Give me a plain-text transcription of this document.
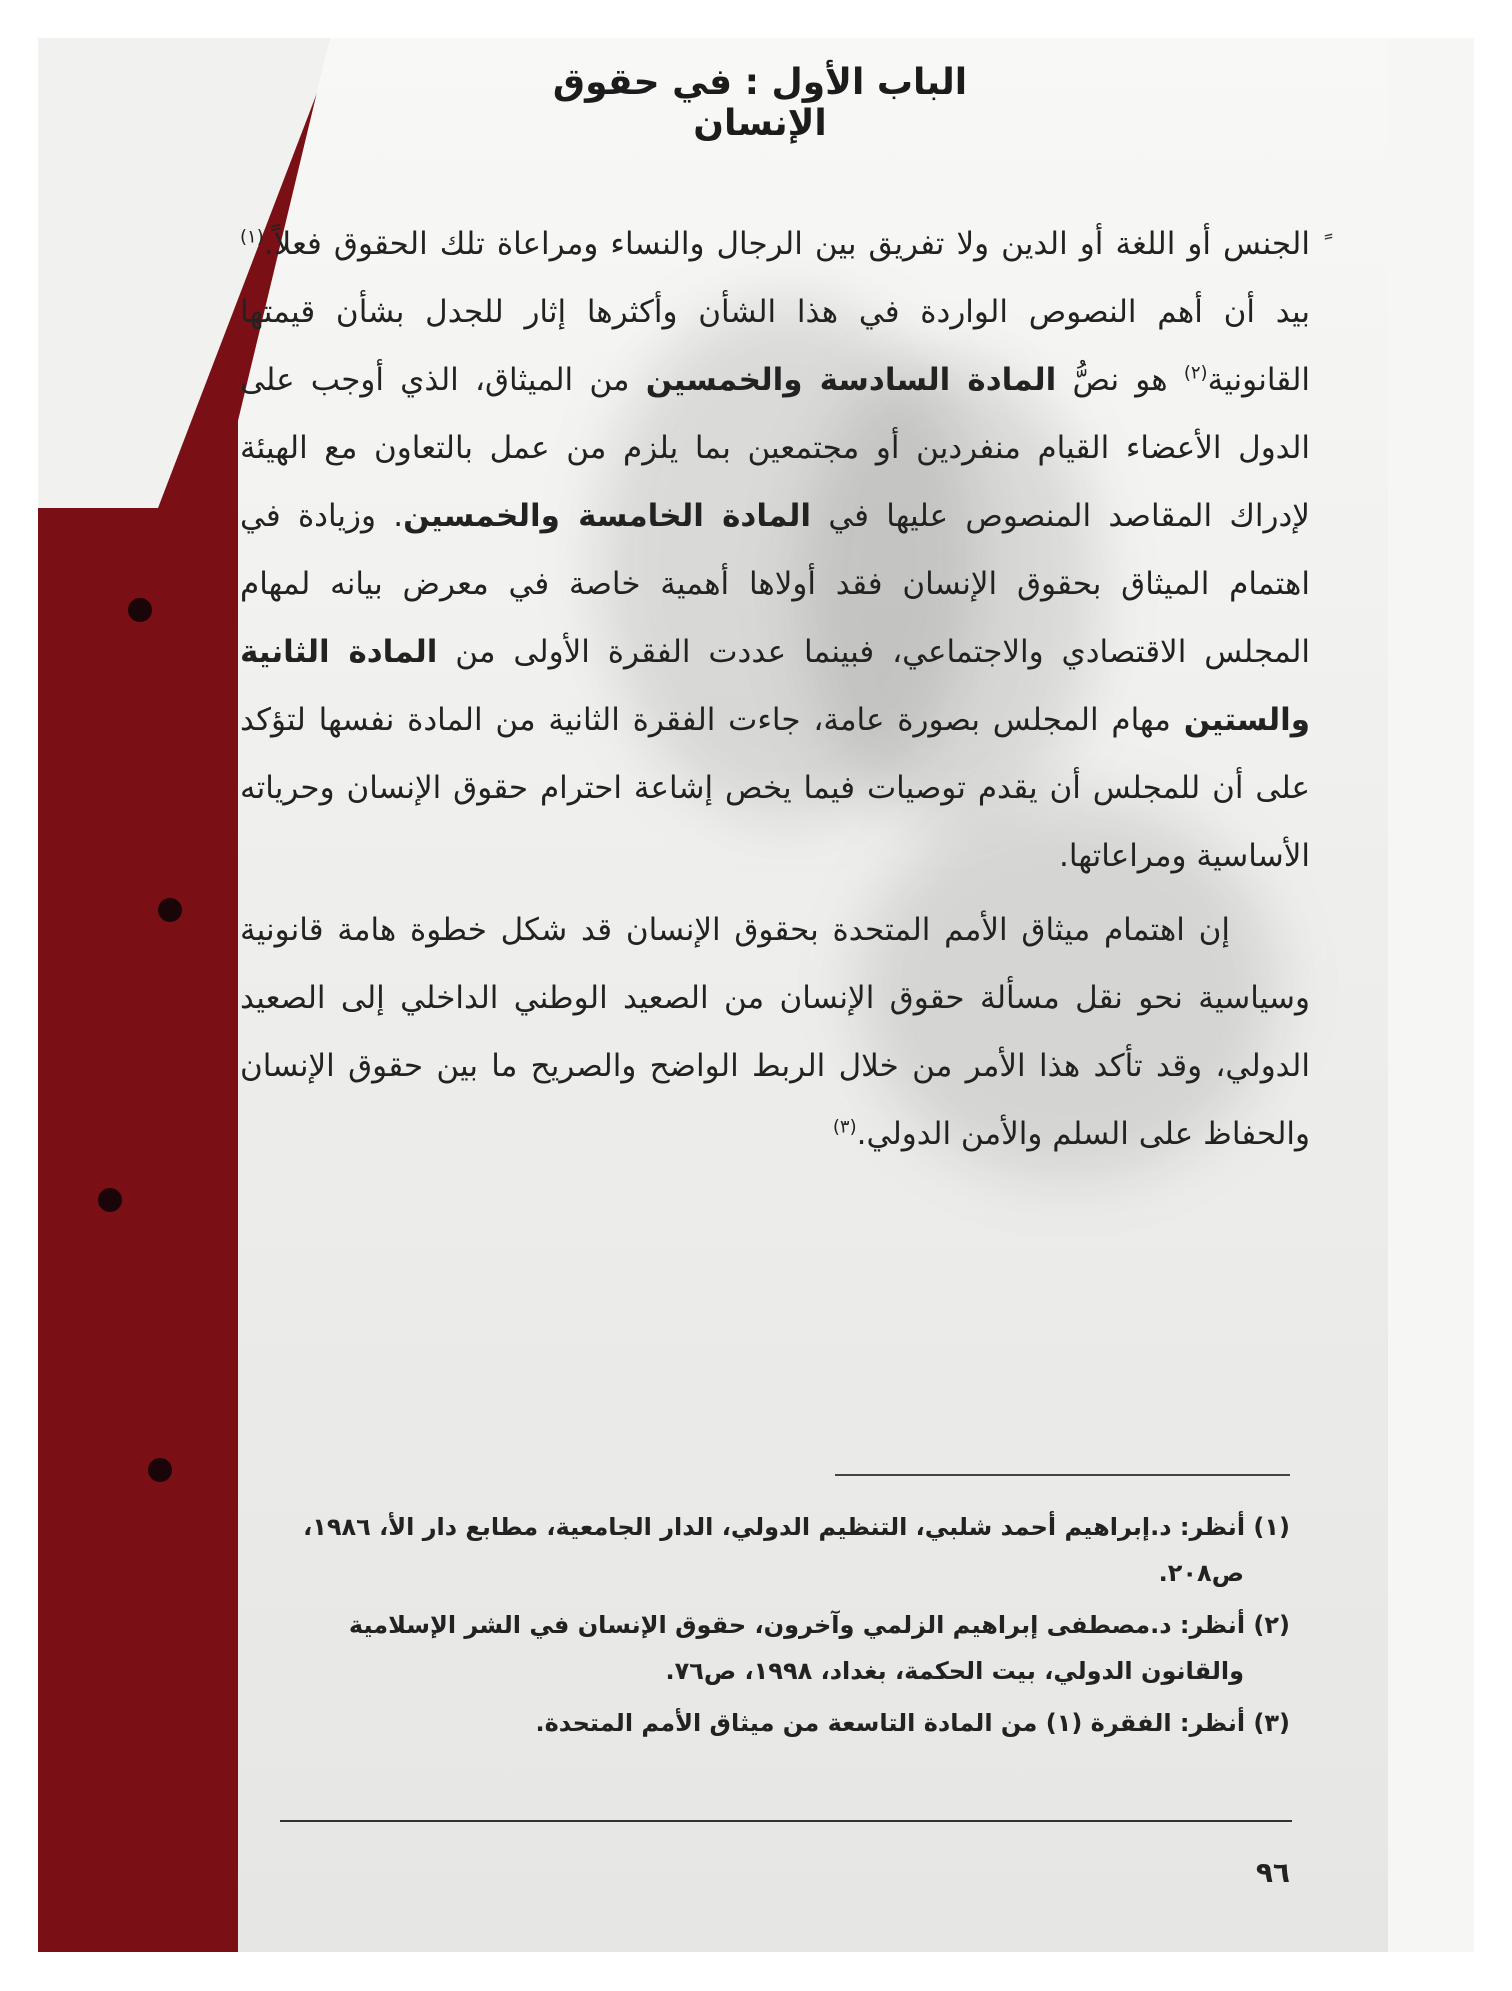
الباب الأول : في حقوق الإنسان

الجنس أو اللغة أو الدين ولا تفريق بين الرجال والنساء ومراعاة تلك الحقوق فعلاً.$^{(١)}$ بيد أن أهم النصوص الواردة في هذا الشأن وأكثرها إثار للجدل بشأن قيمتها القانونية$^{(٢)}$ هو نصُّ المادة السادسة والخمسين من الميثاق، الذي أوجب على الدول الأعضاء القيام منفردين أو مجتمعين بما يلزم من عمل بالتعاون مع الهيئة لإدراك المقاصد المنصوص عليها في المادة الخامسة والخمسين. وزيادة في اهتمام الميثاق بحقوق الإنسان فقد أولاها أهمية خاصة في معرض بيانه لمهام المجلس الاقتصادي والاجتماعي، فبينما عددت الفقرة الأولى من المادة الثانية والستين مهام المجلس بصورة عامة، جاءت الفقرة الثانية من المادة نفسها لتؤكد على أن للمجلس أن يقدم توصيات فيما يخص إشاعة احترام حقوق الإنسان وحرياته الأساسية ومراعاتها.

إن اهتمام ميثاق الأمم المتحدة بحقوق الإنسان قد شكل خطوة هامة قانونية وسياسية نحو نقل مسألة حقوق الإنسان من الصعيد الوطني الداخلي إلى الصعيد الدولي، وقد تأكد هذا الأمر من خلال الربط الواضح والصريح ما بين حقوق الإنسان والحفاظ على السلم والأمن الدولي.$^{(٣)}$

(١) أنظر: د.إبراهيم أحمد شلبي، التنظيم الدولي، الدار الجامعية، مطابع دار الأ، ١٩٨٦، ص٢٠٨.

(٢) أنظر: د.مصطفى إبراهيم الزلمي وآخرون، حقوق الإنسان في الشر الإسلامية والقانون الدولي، بيت الحكمة، بغداد، ١٩٩٨، ص٧٦.

(٣) أنظر: الفقرة (١) من المادة التاسعة من ميثاق الأمم المتحدة.

٩٦
